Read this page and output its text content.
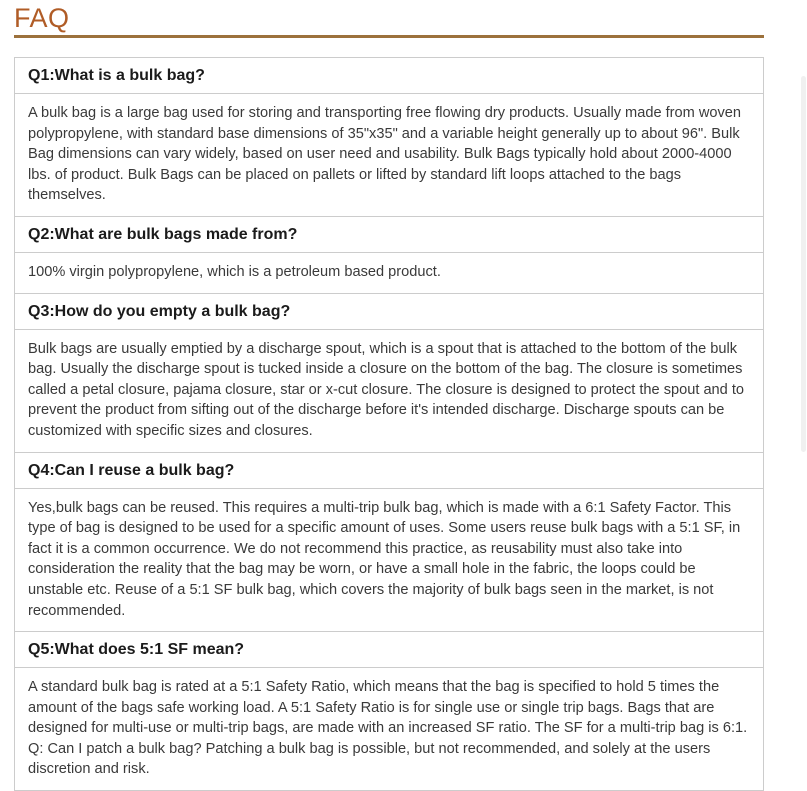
FAQ
Q1:What is a bulk bag?
A bulk bag is a large bag used for storing and transporting free flowing dry products. Usually made from woven polypropylene, with standard base dimensions of 35"x35" and a variable height generally up to about 96". Bulk Bag dimensions can vary widely, based on user need and usability. Bulk Bags typically hold about 2000-4000 lbs. of product. Bulk Bags can be placed on pallets or lifted by standard lift loops attached to the bags themselves.
Q2:What are bulk bags made from?
100% virgin polypropylene, which is a petroleum based product.
Q3:How do you empty a bulk bag?
Bulk bags are usually emptied by a discharge spout, which is a spout that is attached to the bottom of the bulk bag. Usually the discharge spout is tucked inside a closure on the bottom of the bag. The closure is sometimes called a petal closure, pajama closure, star or x-cut closure. The closure is designed to protect the spout and to prevent the product from sifting out of the discharge before it's intended discharge. Discharge spouts can be customized with specific sizes and closures.
Q4:Can I reuse a bulk bag?
Yes,bulk bags can be reused. This requires a multi-trip bulk bag, which is made with a 6:1 Safety Factor. This type of bag is designed to be used for a specific amount of uses. Some users reuse bulk bags with a 5:1 SF, in fact it is a common occurrence. We do not recommend this practice, as reusability must also take into consideration the reality that the bag may be worn, or have a small hole in the fabric, the loops could be unstable etc. Reuse of a 5:1 SF bulk bag, which covers the majority of bulk bags seen in the market, is not recommended.
Q5:What does 5:1 SF mean?
A standard bulk bag is rated at a 5:1 Safety Ratio, which means that the bag is specified to hold 5 times the amount of the bags safe working load. A 5:1 Safety Ratio is for single use or single trip bags. Bags that are designed for multi-use or multi-trip bags, are made with an increased SF ratio. The SF for a multi-trip bag is 6:1. Q: Can I patch a bulk bag? Patching a bulk bag is possible, but not recommended, and solely at the users discretion and risk.
